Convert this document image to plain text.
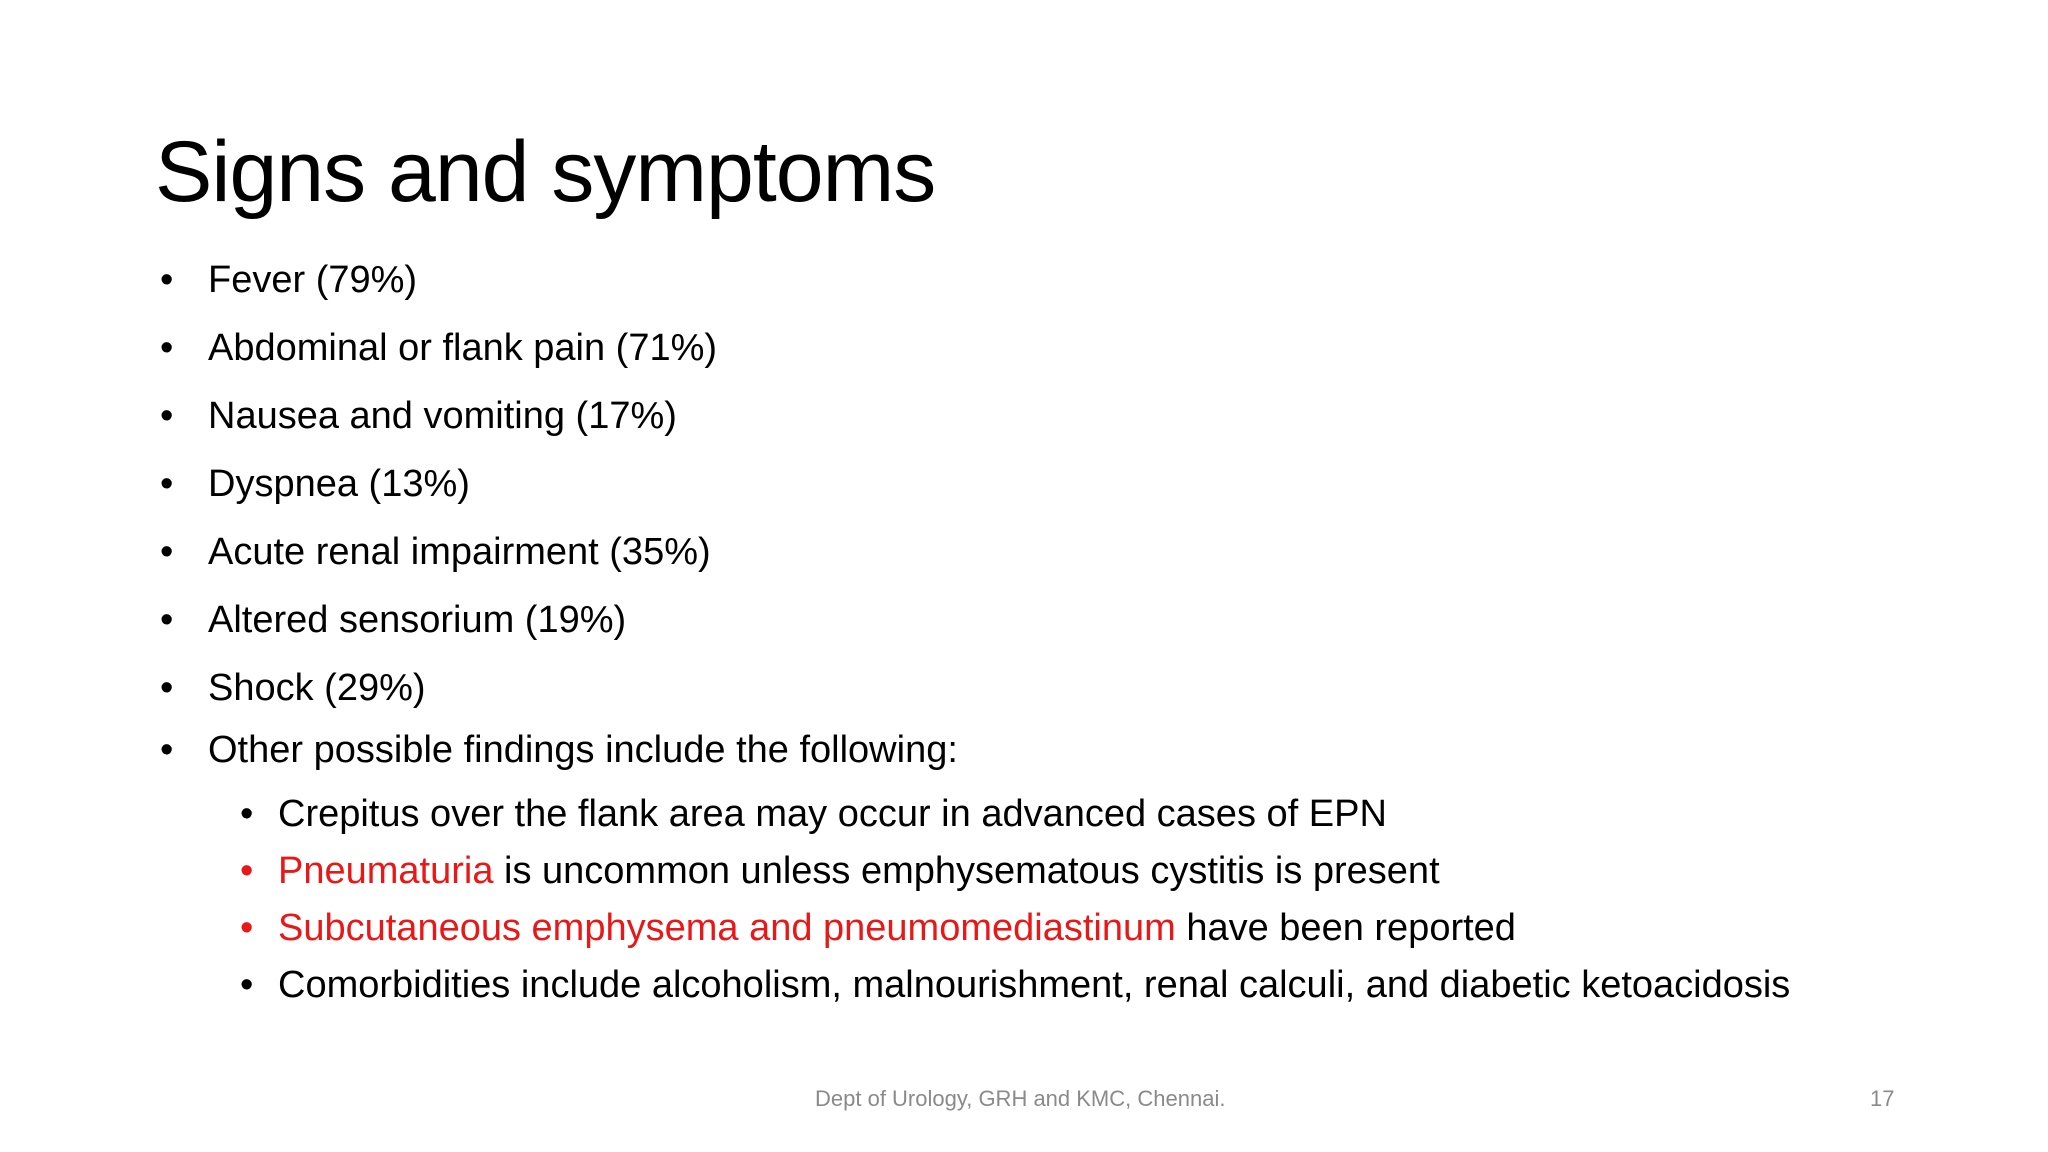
Signs and symptoms
• Fever (79%)
• Abdominal or flank pain (71%)
• Nausea and vomiting (17%)
• Dyspnea (13%)
• Acute renal impairment (35%)
• Altered sensorium (19%)
• Shock (29%)
• Other possible findings include the following:
• Crepitus over the flank area may occur in advanced cases of EPN
• Pneumaturia is uncommon unless emphysematous cystitis is present
• Subcutaneous emphysema and pneumomediastinum have been reported
• Comorbidities include alcoholism, malnourishment, renal calculi, and diabetic ketoacidosis
Dept of Urology, GRH and KMC, Chennai.	17
